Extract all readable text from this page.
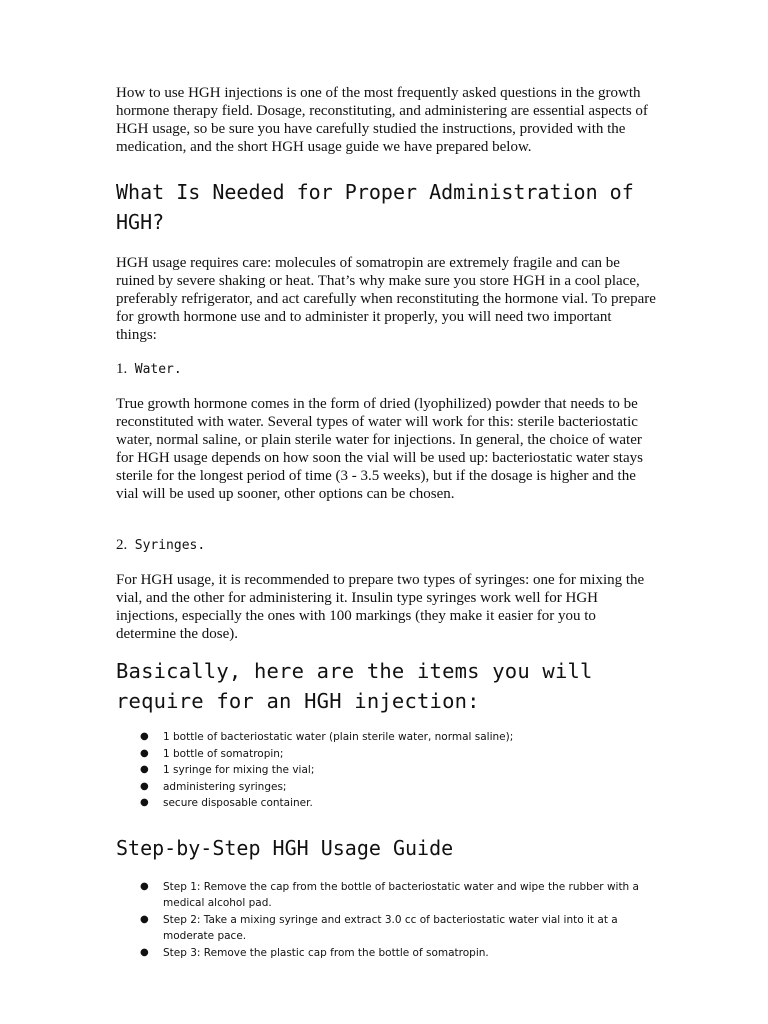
How to use HGH injections is one of the most frequently asked questions in the growth hormone therapy field. Dosage, reconstituting, and administering are essential aspects of HGH usage, so be sure you have carefully studied the instructions, provided with the medication, and the short HGH usage guide we have prepared below.

What Is Needed for Proper Administration of HGH?

HGH usage requires care: molecules of somatropin are extremely fragile and can be ruined by severe shaking or heat. That’s why make sure you store HGH in a cool place, preferably refrigerator, and act carefully when reconstituting the hormone vial. To prepare for growth hormone use and to administer it properly, you will need two important things:

1. Water.

True growth hormone comes in the form of dried (lyophilized) powder that needs to be reconstituted with water. Several types of water will work for this: sterile bacteriostatic water, normal saline, or plain sterile water for injections. In general, the choice of water for HGH usage depends on how soon the vial will be used up: bacteriostatic water stays sterile for the longest period of time (3 - 3.5 weeks), but if the dosage is higher and the vial will be used up sooner, other options can be chosen.

2. Syringes.

For HGH usage, it is recommended to prepare two types of syringes: one for mixing the vial, and the other for administering it. Insulin type syringes work well for HGH injections, especially the ones with 100 markings (they make it easier for you to determine the dose).

Basically, here are the items you will require for an HGH injection:
● 1 bottle of bacteriostatic water (plain sterile water, normal saline);
● 1 bottle of somatropin;
● 1 syringe for mixing the vial;
● administering syringes;
● secure disposable container.
Step-by-Step HGH Usage Guide
● Step 1: Remove the cap from the bottle of bacteriostatic water and wipe the rubber with a medical alcohol pad.
● Step 2: Take a mixing syringe and extract 3.0 cc of bacteriostatic water vial into it at a moderate pace.
● Step 3: Remove the plastic cap from the bottle of somatropin.
